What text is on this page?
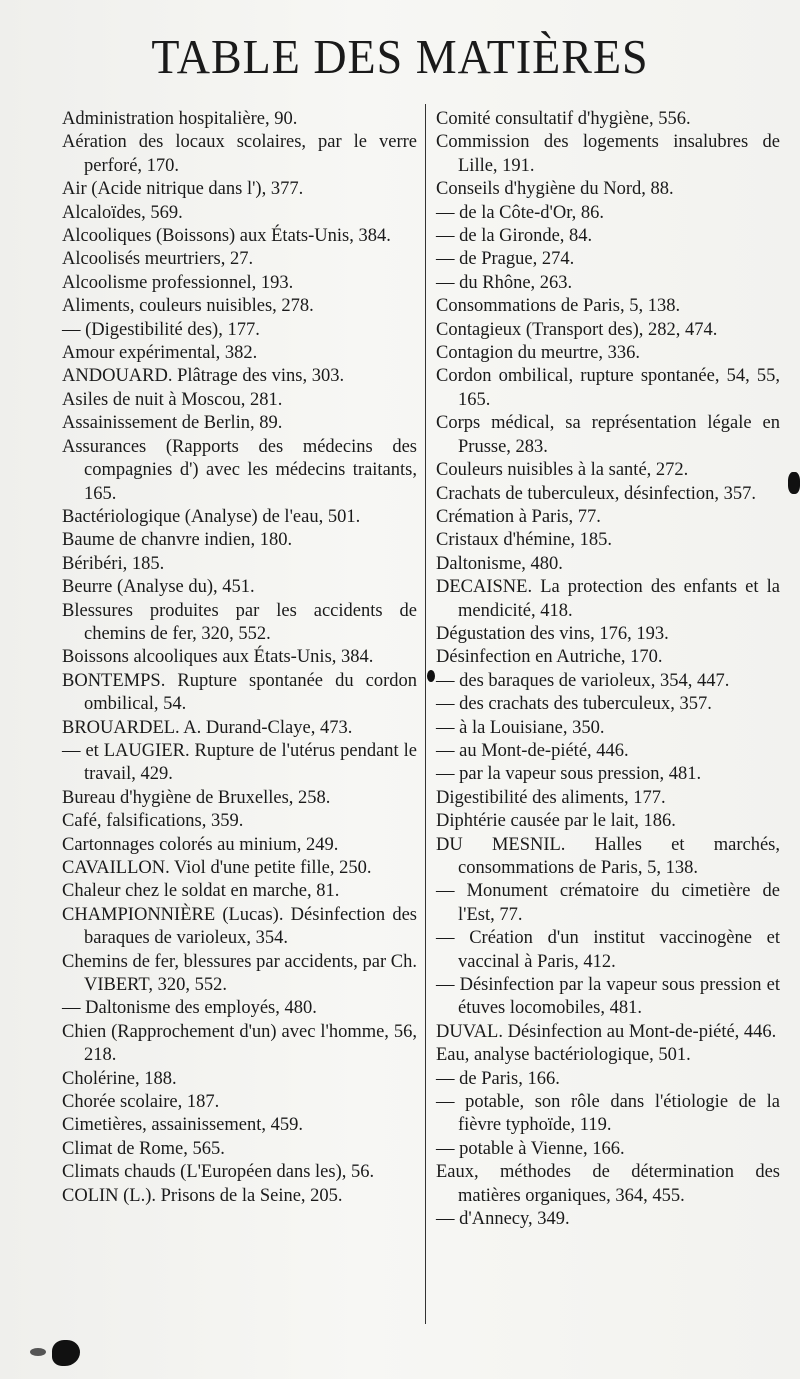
TABLE DES MATIÈRES

Administration hospitalière, 90.

Aération des locaux scolaires, par le verre perforé, 170.

Air (Acide nitrique dans l'), 377.

Alcaloïdes, 569.

Alcooliques (Boissons) aux États-Unis, 384.

Alcoolisés meurtriers, 27.

Alcoolisme professionnel, 193.

Aliments, couleurs nuisibles, 278.

— (Digestibilité des), 177.

Amour expérimental, 382.

ANDOUARD. Plâtrage des vins, 303.

Asiles de nuit à Moscou, 281.

Assainissement de Berlin, 89.

Assurances (Rapports des médecins des compagnies d') avec les médecins traitants, 165.

Bactériologique (Analyse) de l'eau, 501.

Baume de chanvre indien, 180.

Béribéri, 185.

Beurre (Analyse du), 451.

Blessures produites par les accidents de chemins de fer, 320, 552.

Boissons alcooliques aux États-Unis, 384.

BONTEMPS. Rupture spontanée du cordon ombilical, 54.

BROUARDEL. A. Durand-Claye, 473.

— et LAUGIER. Rupture de l'utérus pendant le travail, 429.

Bureau d'hygiène de Bruxelles, 258.

Café, falsifications, 359.

Cartonnages colorés au minium, 249.

CAVAILLON. Viol d'une petite fille, 250.

Chaleur chez le soldat en marche, 81.

CHAMPIONNIÈRE (Lucas). Désinfection des baraques de varioleux, 354.

Chemins de fer, blessures par accidents, par Ch. VIBERT, 320, 552.

— Daltonisme des employés, 480.

Chien (Rapprochement d'un) avec l'homme, 56, 218.

Cholérine, 188.

Chorée scolaire, 187.

Cimetières, assainissement, 459.

Climat de Rome, 565.

Climats chauds (L'Européen dans les), 56.

COLIN (L.). Prisons de la Seine, 205.

Comité consultatif d'hygiène, 556.

Commission des logements insalubres de Lille, 191.

Conseils d'hygiène du Nord, 88.

— de la Côte-d'Or, 86.

— de la Gironde, 84.

— de Prague, 274.

— du Rhône, 263.

Consommations de Paris, 5, 138.

Contagieux (Transport des), 282, 474.

Contagion du meurtre, 336.

Cordon ombilical, rupture spontanée, 54, 55, 165.

Corps médical, sa représentation légale en Prusse, 283.

Couleurs nuisibles à la santé, 272.

Crachats de tuberculeux, désinfection, 357.

Crémation à Paris, 77.

Cristaux d'hémine, 185.

Daltonisme, 480.

DECAISNE. La protection des enfants et la mendicité, 418.

Dégustation des vins, 176, 193.

Désinfection en Autriche, 170.

— des baraques de varioleux, 354, 447.

— des crachats des tuberculeux, 357.

— à la Louisiane, 350.

— au Mont-de-piété, 446.

— par la vapeur sous pression, 481.

Digestibilité des aliments, 177.

Diphtérie causée par le lait, 186.

DU MESNIL. Halles et marchés, consommations de Paris, 5, 138.

— Monument crématoire du cimetière de l'Est, 77.

— Création d'un institut vaccinogène et vaccinal à Paris, 412.

— Désinfection par la vapeur sous pression et étuves locomobiles, 481.

DUVAL. Désinfection au Mont-de-piété, 446.

Eau, analyse bactériologique, 501.

— de Paris, 166.

— potable, son rôle dans l'étiologie de la fièvre typhoïde, 119.

— potable à Vienne, 166.

Eaux, méthodes de détermination des matières organiques, 364, 455.

— d'Annecy, 349.
